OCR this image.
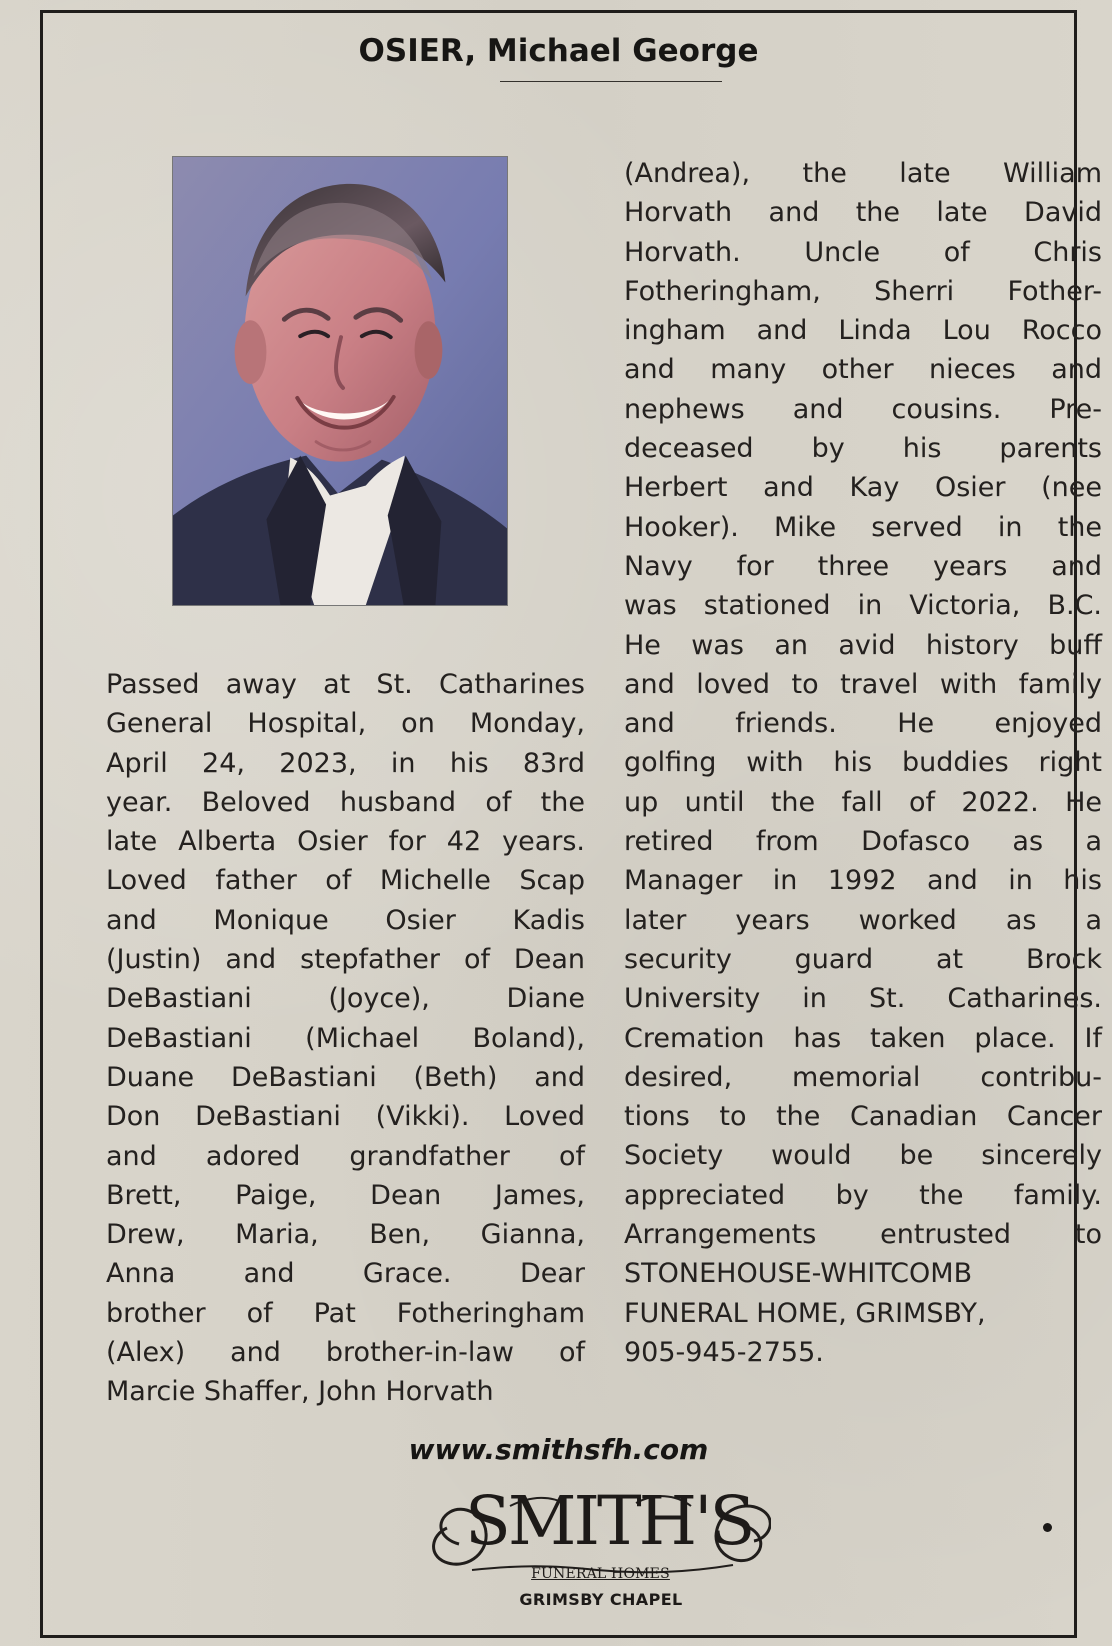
OSIER, Michael George
Passed away at St. Catharines
General Hospital, on Monday,
April 24, 2023, in his 83rd
year. Beloved husband of the
late Alberta Osier for 42 years.
Loved father of Michelle Scap
and Monique Osier Kadis
(Justin) and stepfather of Dean
DeBastiani (Joyce), Diane
DeBastiani (Michael Boland),
Duane DeBastiani (Beth) and
Don DeBastiani (Vikki). Loved
and adored grandfather of
Brett, Paige, Dean James,
Drew, Maria, Ben, Gianna,
Anna and Grace. Dear
brother of Pat Fotheringham
(Alex) and brother-in-law of
Marcie Shaffer, John Horvath
(Andrea), the late William
Horvath and the late David
Horvath. Uncle of Chris
Fotheringham, Sherri Fother-
ingham and Linda Lou Rocco
and many other nieces and
nephews and cousins. Pre-
deceased by his parents
Herbert and Kay Osier (nee
Hooker). Mike served in the
Navy for three years and
was stationed in Victoria, B.C.
He was an avid history buff
and loved to travel with family
and friends. He enjoyed
golfing with his buddies right
up until the fall of 2022. He
retired from Dofasco as a
Manager in 1992 and in his
later years worked as a
security guard at Brock
University in St. Catharines.
Cremation has taken place. If
desired, memorial contribu-
tions to the Canadian Cancer
Society would be sincerely
appreciated by the family.
Arrangements entrusted to
STONEHOUSE-WHITCOMB
FUNERAL HOME, GRIMSBY,
905-945-2755.
www.smithsfh.com
SMITH'S
FUNERAL HOMES
GRIMSBY CHAPEL
